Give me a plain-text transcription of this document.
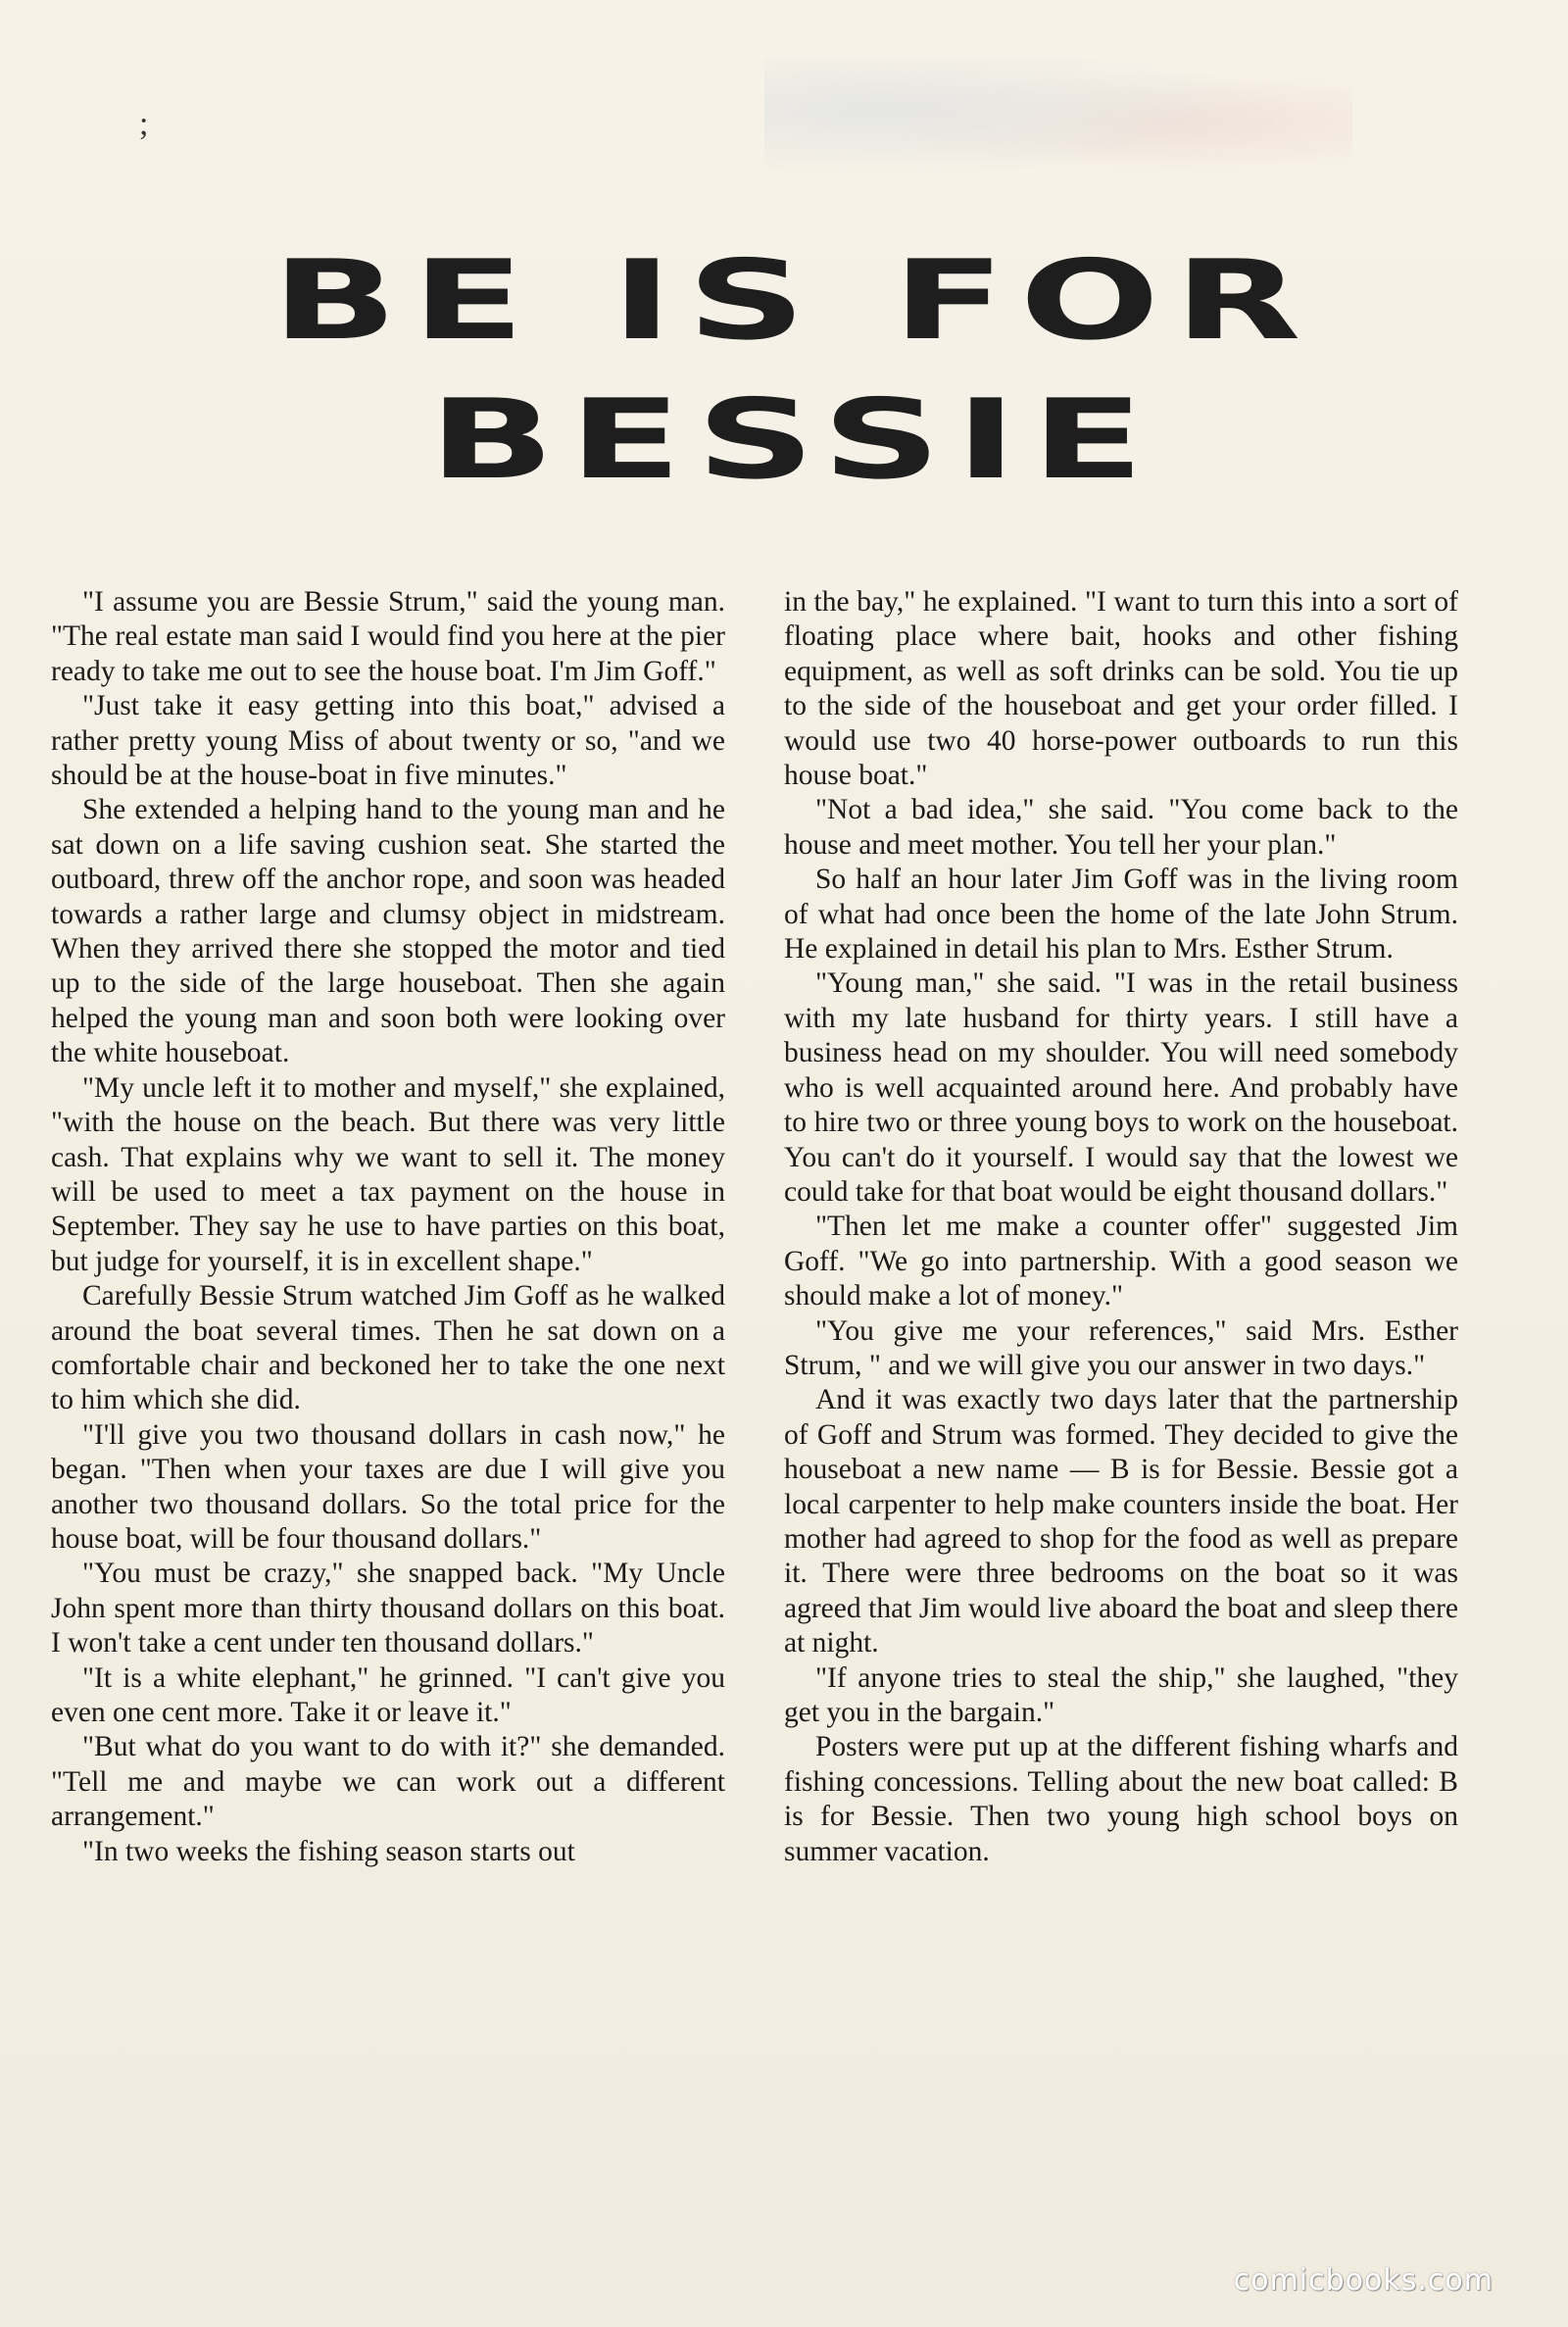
;
BE IS FOR
BESSIE

"I assume you are Bessie Strum," said the young man. "The real estate man said I would find you here at the pier ready to take me out to see the house boat. I'm Jim Goff."

"Just take it easy getting into this boat," advised a rather pretty young Miss of about twenty or so, "and we should be at the house-boat in five minutes."

She extended a helping hand to the young man and he sat down on a life saving cushion seat. She started the outboard, threw off the anchor rope, and soon was headed towards a rather large and clumsy object in midstream. When they arrived there she stopped the motor and tied up to the side of the large houseboat. Then she again helped the young man and soon both were looking over the white houseboat.

"My uncle left it to mother and myself," she explained, "with the house on the beach. But there was very little cash. That explains why we want to sell it. The money will be used to meet a tax payment on the house in September. They say he use to have parties on this boat, but judge for yourself, it is in excellent shape."

Carefully Bessie Strum watched Jim Goff as he walked around the boat several times. Then he sat down on a comfortable chair and beckoned her to take the one next to him which she did.

"I'll give you two thousand dollars in cash now," he began. "Then when your taxes are due I will give you another two thousand dollars. So the total price for the house boat, will be four thousand dollars."

"You must be crazy," she snapped back. "My Uncle John spent more than thirty thousand dollars on this boat. I won't take a cent under ten thousand dollars."

"It is a white elephant," he grinned. "I can't give you even one cent more. Take it or leave it."

"But what do you want to do with it?" she demanded. "Tell me and maybe we can work out a different arrangement."

"In two weeks the fishing season starts out

in the bay," he explained. "I want to turn this into a sort of floating place where bait, hooks and other fishing equipment, as well as soft drinks can be sold. You tie up to the side of the houseboat and get your order filled. I would use two 40 horse-power outboards to run this house boat."

"Not a bad idea," she said. "You come back to the house and meet mother. You tell her your plan."

So half an hour later Jim Goff was in the living room of what had once been the home of the late John Strum. He explained in detail his plan to Mrs. Esther Strum.

"Young man," she said. "I was in the retail business with my late husband for thirty years. I still have a business head on my shoulder. You will need somebody who is well acquainted around here. And probably have to hire two or three young boys to work on the houseboat. You can't do it yourself. I would say that the lowest we could take for that boat would be eight thousand dollars."

"Then let me make a counter offer" suggested Jim Goff. "We go into partnership. With a good season we should make a lot of money."

"You give me your references," said Mrs. Esther Strum, " and we will give you our answer in two days."

And it was exactly two days later that the partnership of Goff and Strum was formed. They decided to give the houseboat a new name — B is for Bessie. Bessie got a local carpenter to help make counters inside the boat. Her mother had agreed to shop for the food as well as prepare it. There were three bedrooms on the boat so it was agreed that Jim would live aboard the boat and sleep there at night.

"If anyone tries to steal the ship," she laughed, "they get you in the bargain."

Posters were put up at the different fishing wharfs and fishing concessions. Telling about the new boat called: B is for Bessie. Then two young high school boys on summer vacation.

comicbooks.com
